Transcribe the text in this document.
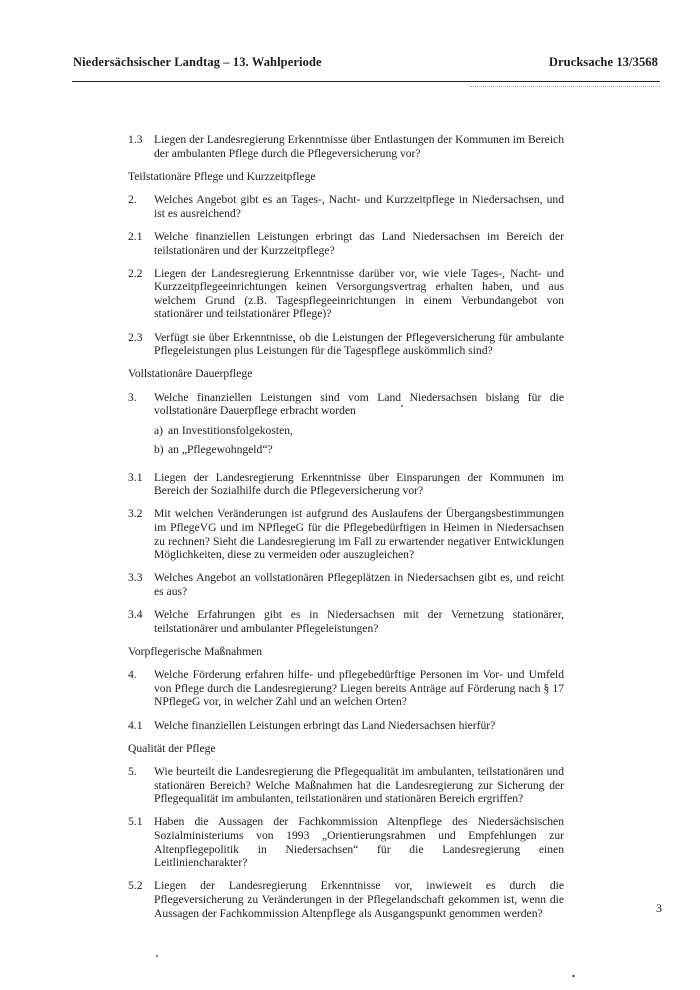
Niedersächsischer Landtag – 13. Wahlperiode	Drucksache 13/3568
1.3 Liegen der Landesregierung Erkenntnisse über Entlastungen der Kommunen im Bereich der ambulanten Pflege durch die Pflegeversicherung vor?
Teilstationäre Pflege und Kurzzeitpflege
2.	Welches Angebot gibt es an Tages-, Nacht- und Kurzzeitpflege in Niedersachsen, und ist es ausreichend?
2.1 Welche finanziellen Leistungen erbringt das Land Niedersachsen im Bereich der teilstationären und der Kurzzeitpflege?
2.2 Liegen der Landesregierung Erkenntnisse darüber vor, wie viele Tages-, Nacht- und Kurzzeitpflegeeinrichtungen keinen Versorgungsvertrag erhalten haben, und aus welchem Grund (z.B. Tagespflegeeinrichtungen in einem Verbundangebot von stationärer und teilstationärer Pflege)?
2.3 Verfügt sie über Erkenntnisse, ob die Leistungen der Pflegeversicherung für ambulante Pflegeleistungen plus Leistungen für die Tagespflege auskömmlich sind?
Vollstationäre Dauerpflege
3.	Welche finanziellen Leistungen sind vom Land Niedersachsen bislang für die vollstationäre Dauerpflege erbracht worden
a) an Investitionsfolgekosten,
b) an „Pflegewohngeld“?
3.1 Liegen der Landesregierung Erkenntnisse über Einsparungen der Kommunen im Bereich der Sozialhilfe durch die Pflegeversicherung vor?
3.2 Mit welchen Veränderungen ist aufgrund des Auslaufens der Übergangsbestimmungen im PflegeVG und im NPflegeG für die Pflegebedürftigen in Heimen in Niedersachsen zu rechnen? Sieht die Landesregierung im Fall zu erwartender negativer Entwicklungen Möglichkeiten, diese zu vermeiden oder auszugleichen?
3.3 Welches Angebot an vollstationären Pflegeplätzen in Niedersachsen gibt es, und reicht es aus?
3.4 Welche Erfahrungen gibt es in Niedersachsen mit der Vernetzung stationärer, teilstationärer und ambulanter Pflegeleistungen?
Vorpflegerische Maßnahmen
4.	Welche Förderung erfahren hilfe- und pflegebedürftige Personen im Vor- und Umfeld von Pflege durch die Landesregierung? Liegen bereits Anträge auf Förderung nach § 17 NPflegeG vor, in welcher Zahl und an welchen Orten?
4.1 Welche finanziellen Leistungen erbringt das Land Niedersachsen hierfür?
Qualität der Pflege
5.	Wie beurteilt die Landesregierung die Pflegequalität im ambulanten, teilstationären und stationären Bereich? Welche Maßnahmen hat die Landesregierung zur Sicherung der Pflegequalität im ambulanten, teilstationären und stationären Bereich ergriffen?
5.1 Haben die Aussagen der Fachkommission Altenpflege des Niedersächsischen Sozialministeriums von 1993 „Orientierungsrahmen und Empfehlungen zur Altenpflegepolitik in Niedersachsen“ für die Landesregierung einen Leitliniencharakter?
5.2 Liegen der Landesregierung Erkenntnisse vor, inwieweit es durch die Pflegeversicherung zu Veränderungen in der Pflegelandschaft gekommen ist, wenn die Aussagen der Fachkommission Altenpflege als Ausgangspunkt genommen werden?	3
